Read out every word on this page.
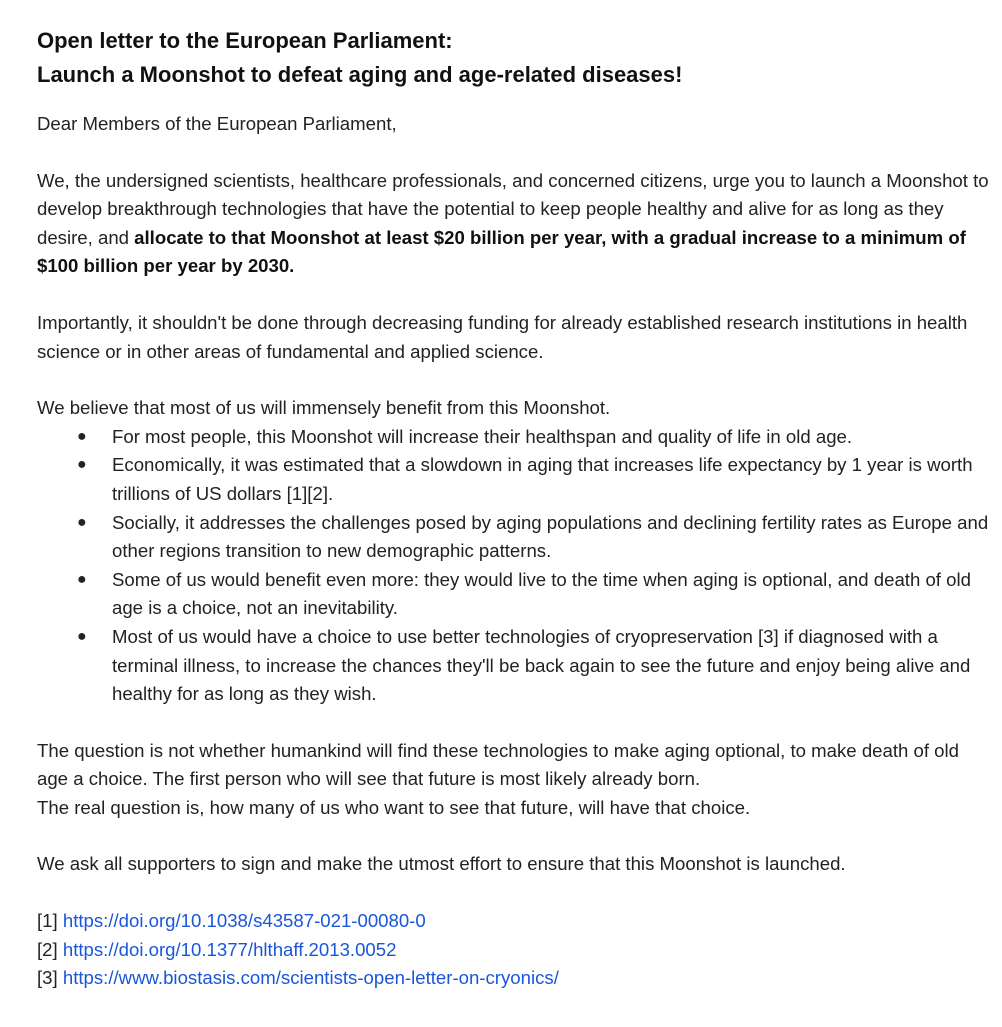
Open letter to the European Parliament:
Launch a Moonshot to defeat aging and age-related diseases!

Dear Members of the European Parliament,

We, the undersigned scientists, healthcare professionals, and concerned citizens, urge you to launch a Moonshot to develop breakthrough technologies that have the potential to keep people healthy and alive for as long as they desire, and allocate to that Moonshot at least $20 billion per year, with a gradual increase to a minimum of $100 billion per year by 2030.

Importantly, it shouldn't be done through decreasing funding for already established research institutions in health science or in other areas of fundamental and applied science.

We believe that most of us will immensely benefit from this Moonshot.

● For most people, this Moonshot will increase their healthspan and quality of life in old age.
● Economically, it was estimated that a slowdown in aging that increases life expectancy by 1 year is worth trillions of US dollars [1][2].
● Socially, it addresses the challenges posed by aging populations and declining fertility rates as Europe and other regions transition to new demographic patterns.
● Some of us would benefit even more: they would live to the time when aging is optional, and death of old age is a choice, not an inevitability.
● Most of us would have a choice to use better technologies of cryopreservation [3] if diagnosed with a terminal illness, to increase the chances they'll be back again to see the future and enjoy being alive and healthy for as long as they wish.

The question is not whether humankind will find these technologies to make aging optional, to make death of old age a choice. The first person who will see that future is most likely already born.
The real question is, how many of us who want to see that future, will have that choice.

We ask all supporters to sign and make the utmost effort to ensure that this Moonshot is launched.

[1] https://doi.org/10.1038/s43587-021-00080-0
[2] https://doi.org/10.1377/hlthaff.2013.0052
[3] https://www.biostasis.com/scientists-open-letter-on-cryonics/
